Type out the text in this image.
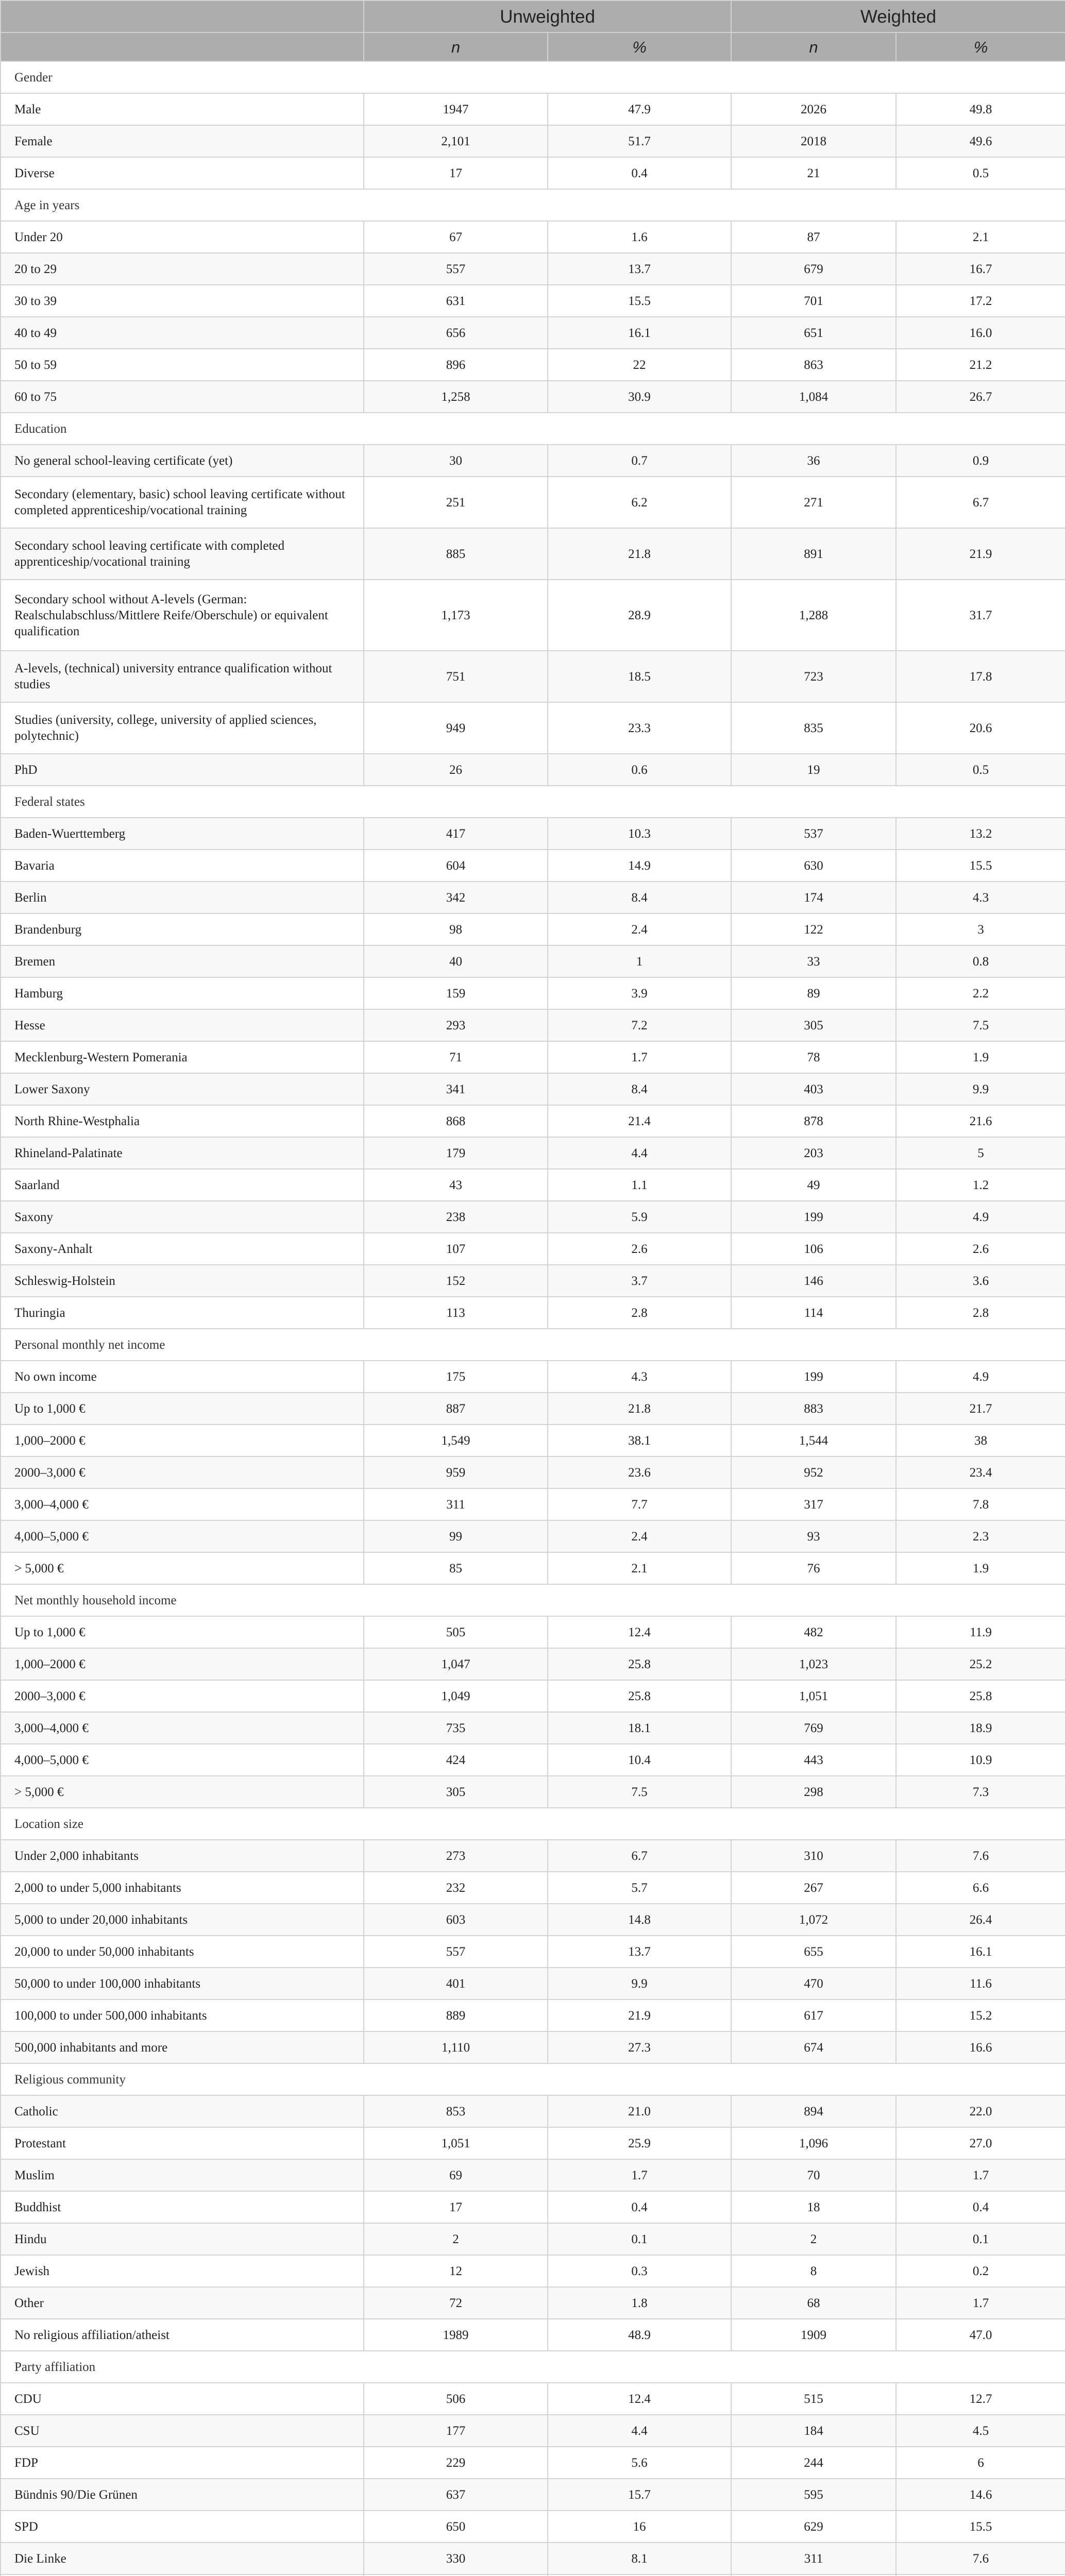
	Unweighted		Weighted	
	n	%	n	%
Gender				
Male	1947	47.9	2026	49.8
Female	2,101	51.7	2018	49.6
Diverse	17	0.4	21	0.5
Age in years				
Under 20	67	1.6	87	2.1
20 to 29	557	13.7	679	16.7
30 to 39	631	15.5	701	17.2
40 to 49	656	16.1	651	16.0
50 to 59	896	22	863	21.2
60 to 75	1,258	30.9	1,084	26.7
Education				
No general school-leaving certificate (yet)	30	0.7	36	0.9
Secondary (elementary, basic) school leaving certificate without completed apprenticeship/vocational training	251	6.2	271	6.7
Secondary school leaving certificate with completed apprenticeship/vocational training	885	21.8	891	21.9
Secondary school without A-levels (German: Realschulabschluss/Mittlere Reife/Oberschule) or equivalent qualification	1,173	28.9	1,288	31.7
A-levels, (technical) university entrance qualification without studies	751	18.5	723	17.8
Studies (university, college, university of applied sciences, polytechnic)	949	23.3	835	20.6
PhD	26	0.6	19	0.5
Federal states				
Baden-Wuerttemberg	417	10.3	537	13.2
Bavaria	604	14.9	630	15.5
Berlin	342	8.4	174	4.3
Brandenburg	98	2.4	122	3
Bremen	40	1	33	0.8
Hamburg	159	3.9	89	2.2
Hesse	293	7.2	305	7.5
Mecklenburg-Western Pomerania	71	1.7	78	1.9
Lower Saxony	341	8.4	403	9.9
North Rhine-Westphalia	868	21.4	878	21.6
Rhineland-Palatinate	179	4.4	203	5
Saarland	43	1.1	49	1.2
Saxony	238	5.9	199	4.9
Saxony-Anhalt	107	2.6	106	2.6
Schleswig-Holstein	152	3.7	146	3.6
Thuringia	113	2.8	114	2.8
Personal monthly net income				
No own income	175	4.3	199	4.9
Up to 1,000 €	887	21.8	883	21.7
1,000–2000 €	1,549	38.1	1,544	38
2000–3,000 €	959	23.6	952	23.4
3,000–4,000 €	311	7.7	317	7.8
4,000–5,000 €	99	2.4	93	2.3
> 5,000 €	85	2.1	76	1.9
Net monthly household income				
Up to 1,000 €	505	12.4	482	11.9
1,000–2000 €	1,047	25.8	1,023	25.2
2000–3,000 €	1,049	25.8	1,051	25.8
3,000–4,000 €	735	18.1	769	18.9
4,000–5,000 €	424	10.4	443	10.9
> 5,000 €	305	7.5	298	7.3
Location size				
Under 2,000 inhabitants	273	6.7	310	7.6
2,000 to under 5,000 inhabitants	232	5.7	267	6.6
5,000 to under 20,000 inhabitants	603	14.8	1,072	26.4
20,000 to under 50,000 inhabitants	557	13.7	655	16.1
50,000 to under 100,000 inhabitants	401	9.9	470	11.6
100,000 to under 500,000 inhabitants	889	21.9	617	15.2
500,000 inhabitants and more	1,110	27.3	674	16.6
Religious community				
Catholic	853	21.0	894	22.0
Protestant	1,051	25.9	1,096	27.0
Muslim	69	1.7	70	1.7
Buddhist	17	0.4	18	0.4
Hindu	2	0.1	2	0.1
Jewish	12	0.3	8	0.2
Other	72	1.8	68	1.7
No religious affiliation/atheist	1989	48.9	1909	47.0
Party affiliation				
CDU	506	12.4	515	12.7
CSU	177	4.4	184	4.5
FDP	229	5.6	244	6
Bündnis 90/Die Grünen	637	15.7	595	14.6
SPD	650	16	629	15.5
Die Linke	330	8.1	311	7.6
